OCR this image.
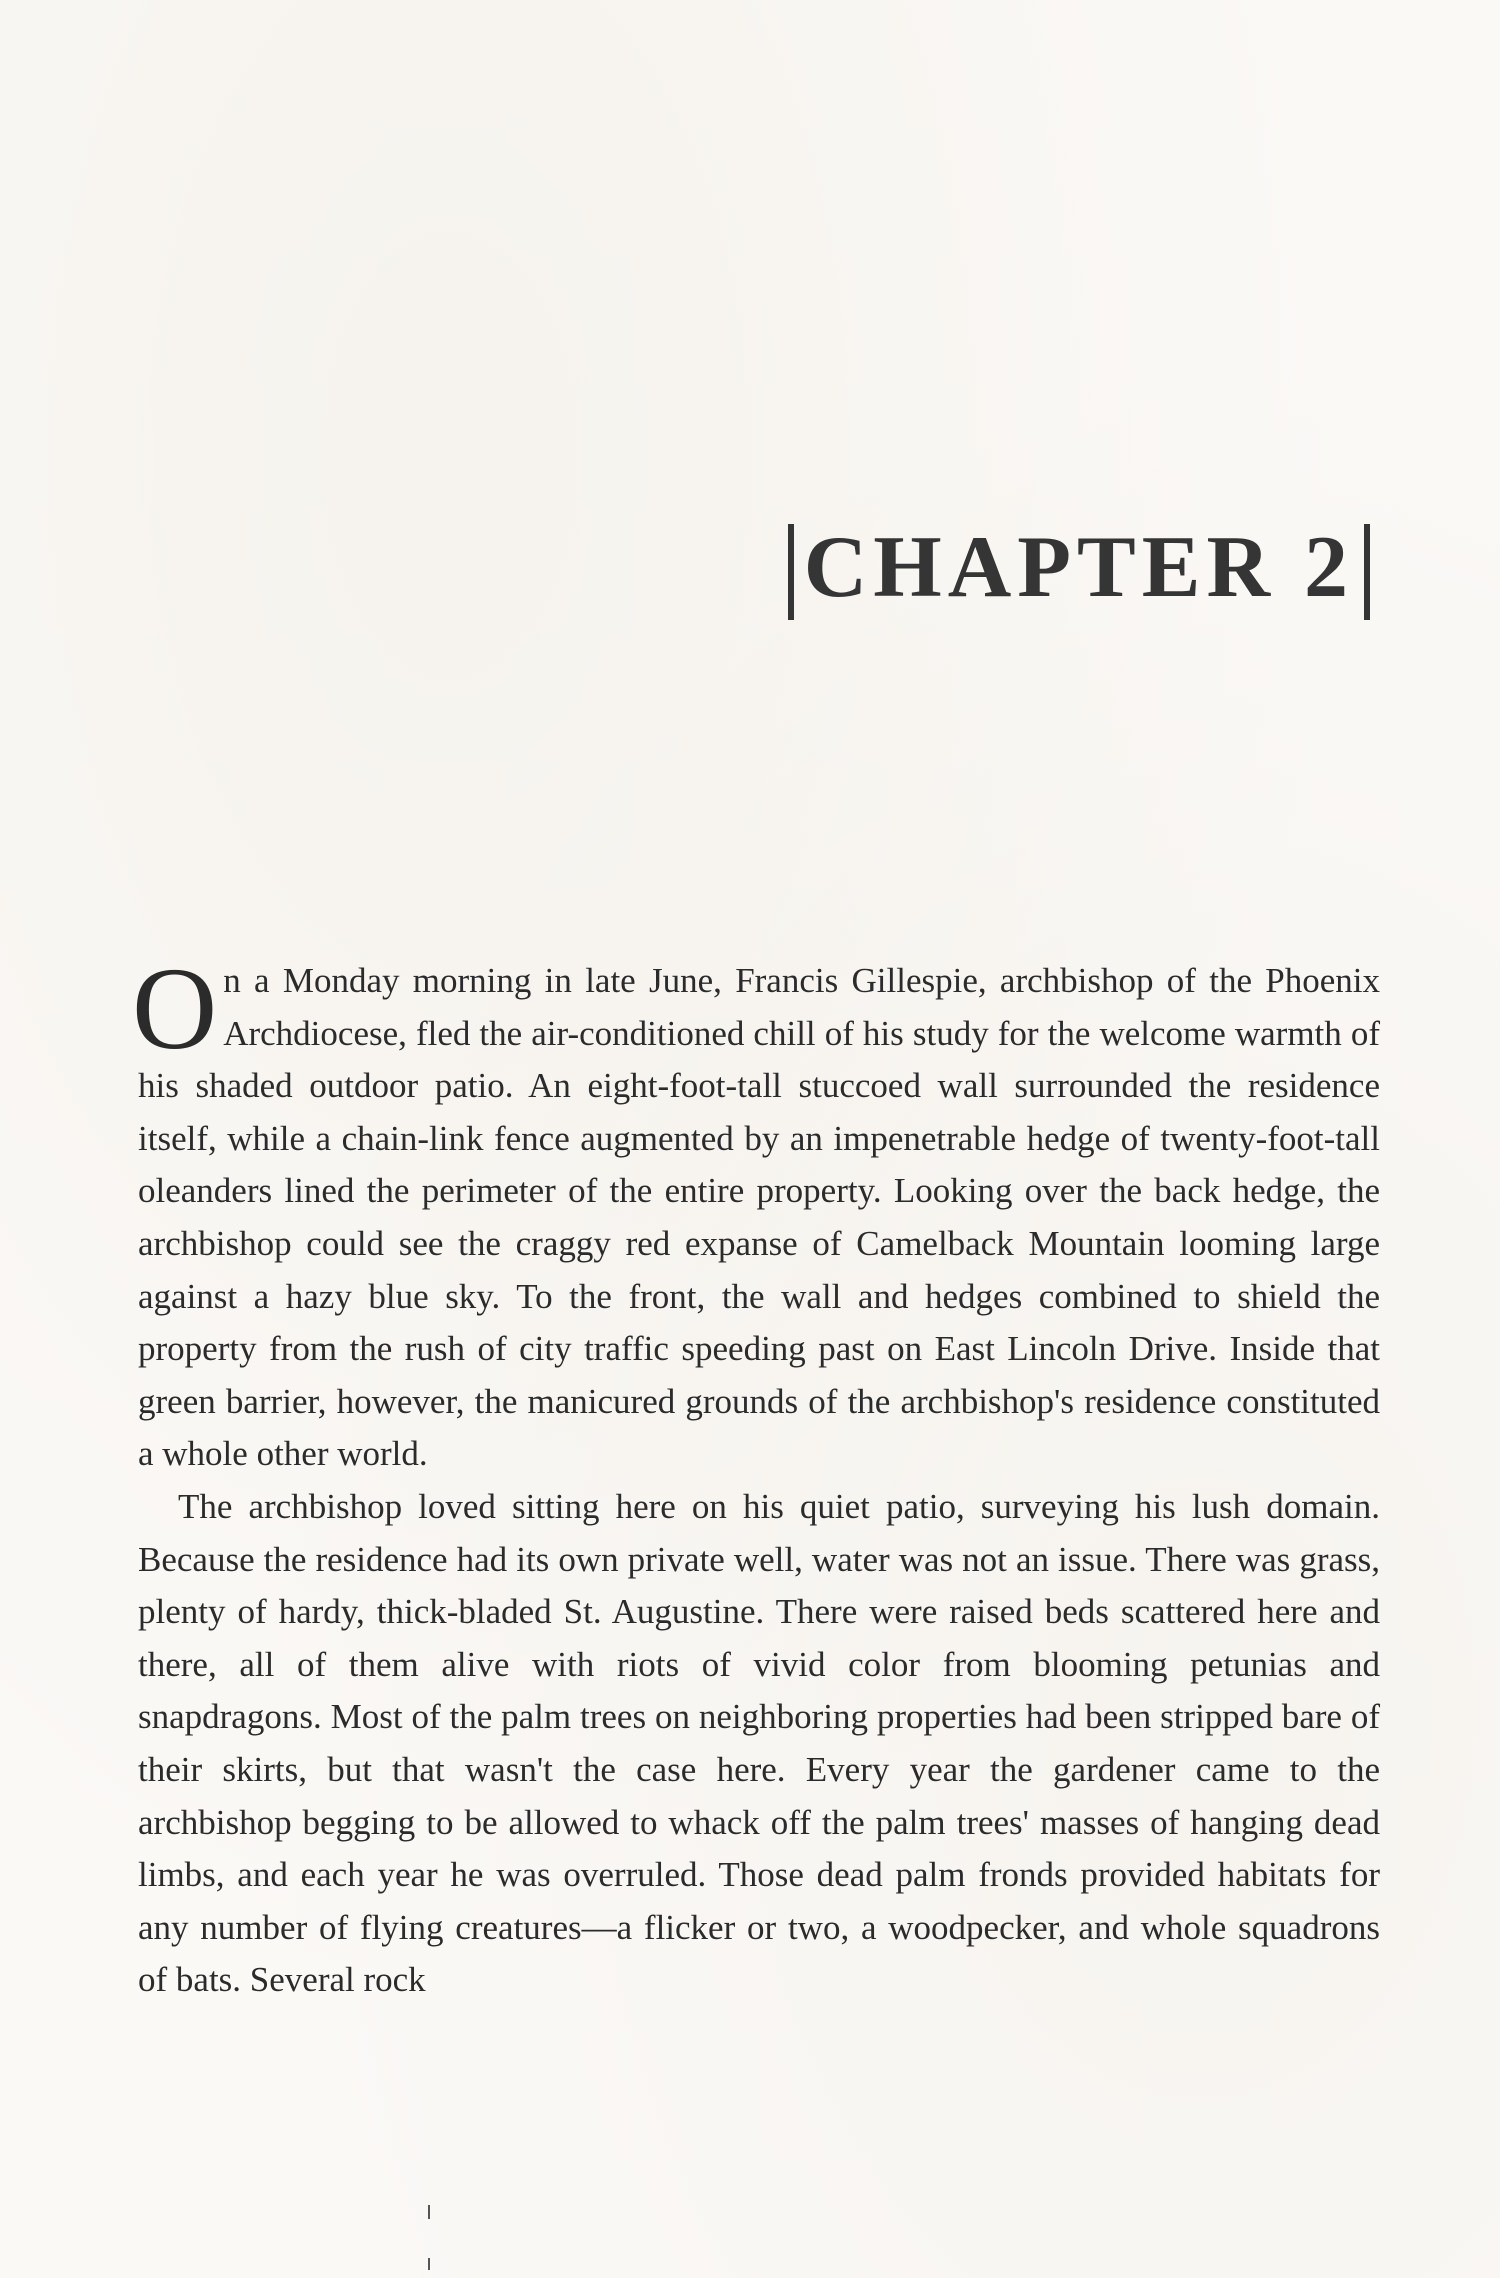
CHAPTER 2

On a Monday morning in late June, Francis Gillespie, archbishop of the Phoenix Archdiocese, fled the air-conditioned chill of his study for the welcome warmth of his shaded outdoor patio. An eight-foot-tall stuccoed wall surrounded the residence itself, while a chain-link fence augmented by an impenetrable hedge of twenty-foot-tall oleanders lined the perimeter of the entire property. Looking over the back hedge, the archbishop could see the craggy red expanse of Camelback Mountain looming large against a hazy blue sky. To the front, the wall and hedges combined to shield the property from the rush of city traffic speeding past on East Lincoln Drive. Inside that green barrier, however, the manicured grounds of the archbishop's residence constituted a whole other world.

The archbishop loved sitting here on his quiet patio, surveying his lush domain. Because the residence had its own private well, water was not an issue. There was grass, plenty of hardy, thick-bladed St. Augustine. There were raised beds scattered here and there, all of them alive with riots of vivid color from blooming petunias and snapdragons. Most of the palm trees on neighboring properties had been stripped bare of their skirts, but that wasn't the case here. Every year the gardener came to the archbishop begging to be allowed to whack off the palm trees' masses of hanging dead limbs, and each year he was overruled. Those dead palm fronds provided habitats for any number of flying creatures—a flicker or two, a woodpecker, and whole squadrons of bats. Several rock
